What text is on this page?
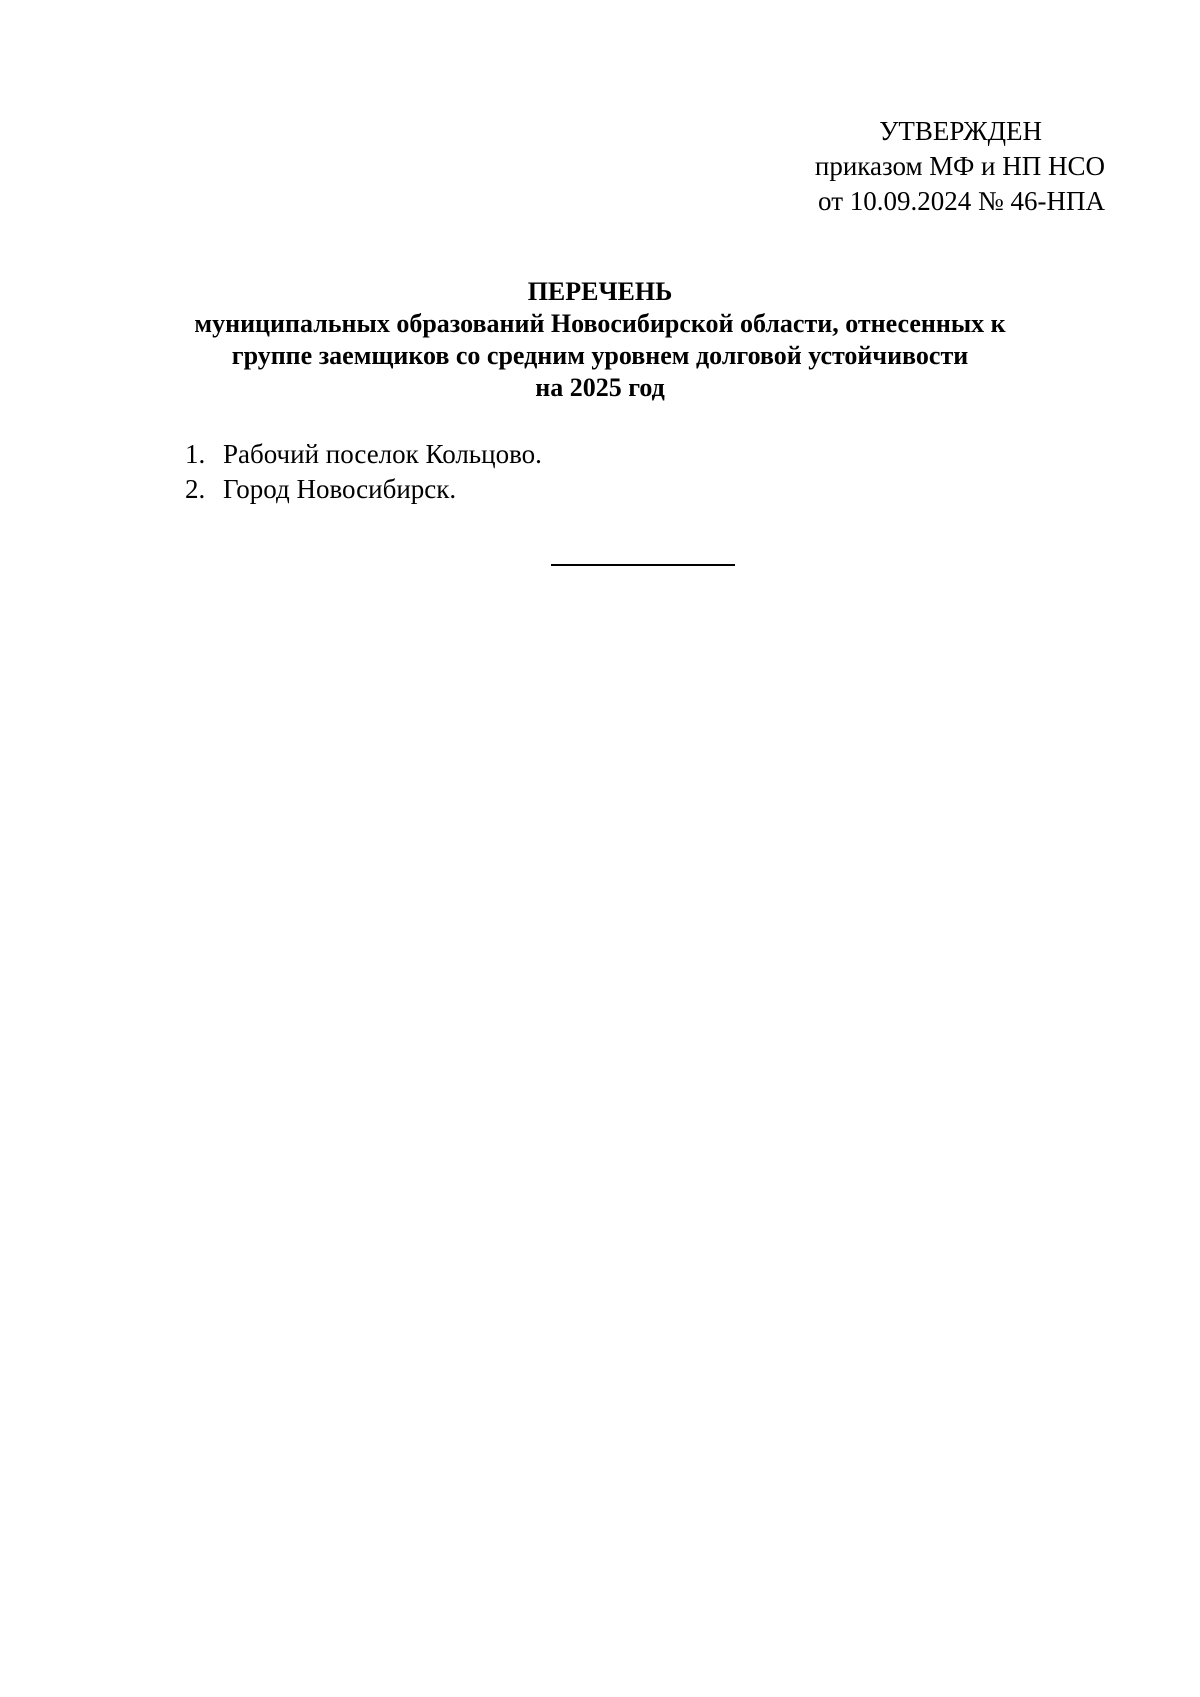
УТВЕРЖДЕН
приказом МФ и НП НСО
от 10.09.2024 № 46-НПА
ПЕРЕЧЕНЬ
муниципальных образований Новосибирской области, отнесенных к
группе заемщиков со средним уровнем долговой устойчивости
на 2025 год
1. Рабочий поселок Кольцово.
2. Город Новосибирск.
